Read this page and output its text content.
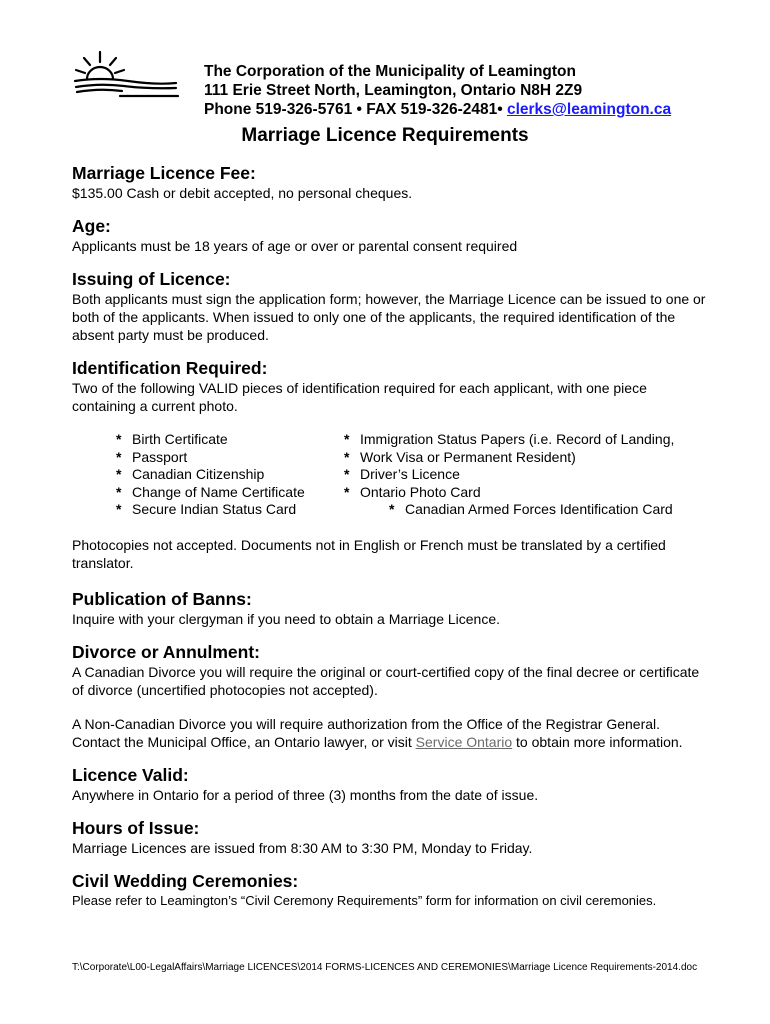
The Corporation of the Municipality of Leamington
111 Erie Street North, Leamington, Ontario N8H 2Z9
Phone 519-326-5761 • FAX 519-326-2481• clerks@leamington.ca
Marriage Licence Requirements
Marriage Licence Fee:

$135.00 Cash or debit accepted, no personal cheques.

Age:

Applicants must be 18 years of age or over or parental consent required

Issuing of Licence:

Both applicants must sign the application form; however, the Marriage Licence can be issued to one or both of the applicants. When issued to only one of the applicants, the required identification of the absent party must be produced.

Identification Required:

Two of the following VALID pieces of identification required for each applicant, with one piece containing a current photo.

* Birth Certificate
* Passport
* Canadian Citizenship
* Change of Name Certificate
* Secure Indian Status Card
* Immigration Status Papers (i.e. Record of Landing,
* Work Visa or Permanent Resident)
* Driver’s Licence
* Ontario Photo Card
* Canadian Armed Forces Identification Card

Photocopies not accepted. Documents not in English or French must be translated by a certified translator.

Publication of Banns:

Inquire with your clergyman if you need to obtain a Marriage Licence.

Divorce or Annulment:

A Canadian Divorce you will require the original or court-certified copy of the final decree or certificate of divorce (uncertified photocopies not accepted).

A Non-Canadian Divorce you will require authorization from the Office of the Registrar General. Contact the Municipal Office, an Ontario lawyer, or visit Service Ontario to obtain more information.

Licence Valid:

Anywhere in Ontario for a period of three (3) months from the date of issue.

Hours of Issue:

Marriage Licences are issued from 8:30 AM to 3:30 PM, Monday to Friday.

Civil Wedding Ceremonies:

Please refer to Leamington’s “Civil Ceremony Requirements” form for information on civil ceremonies.

T:\Corporate\L00-LegalAffairs\Marriage LICENCES\2014 FORMS-LICENCES AND CEREMONIES\Marriage Licence Requirements-2014.doc
